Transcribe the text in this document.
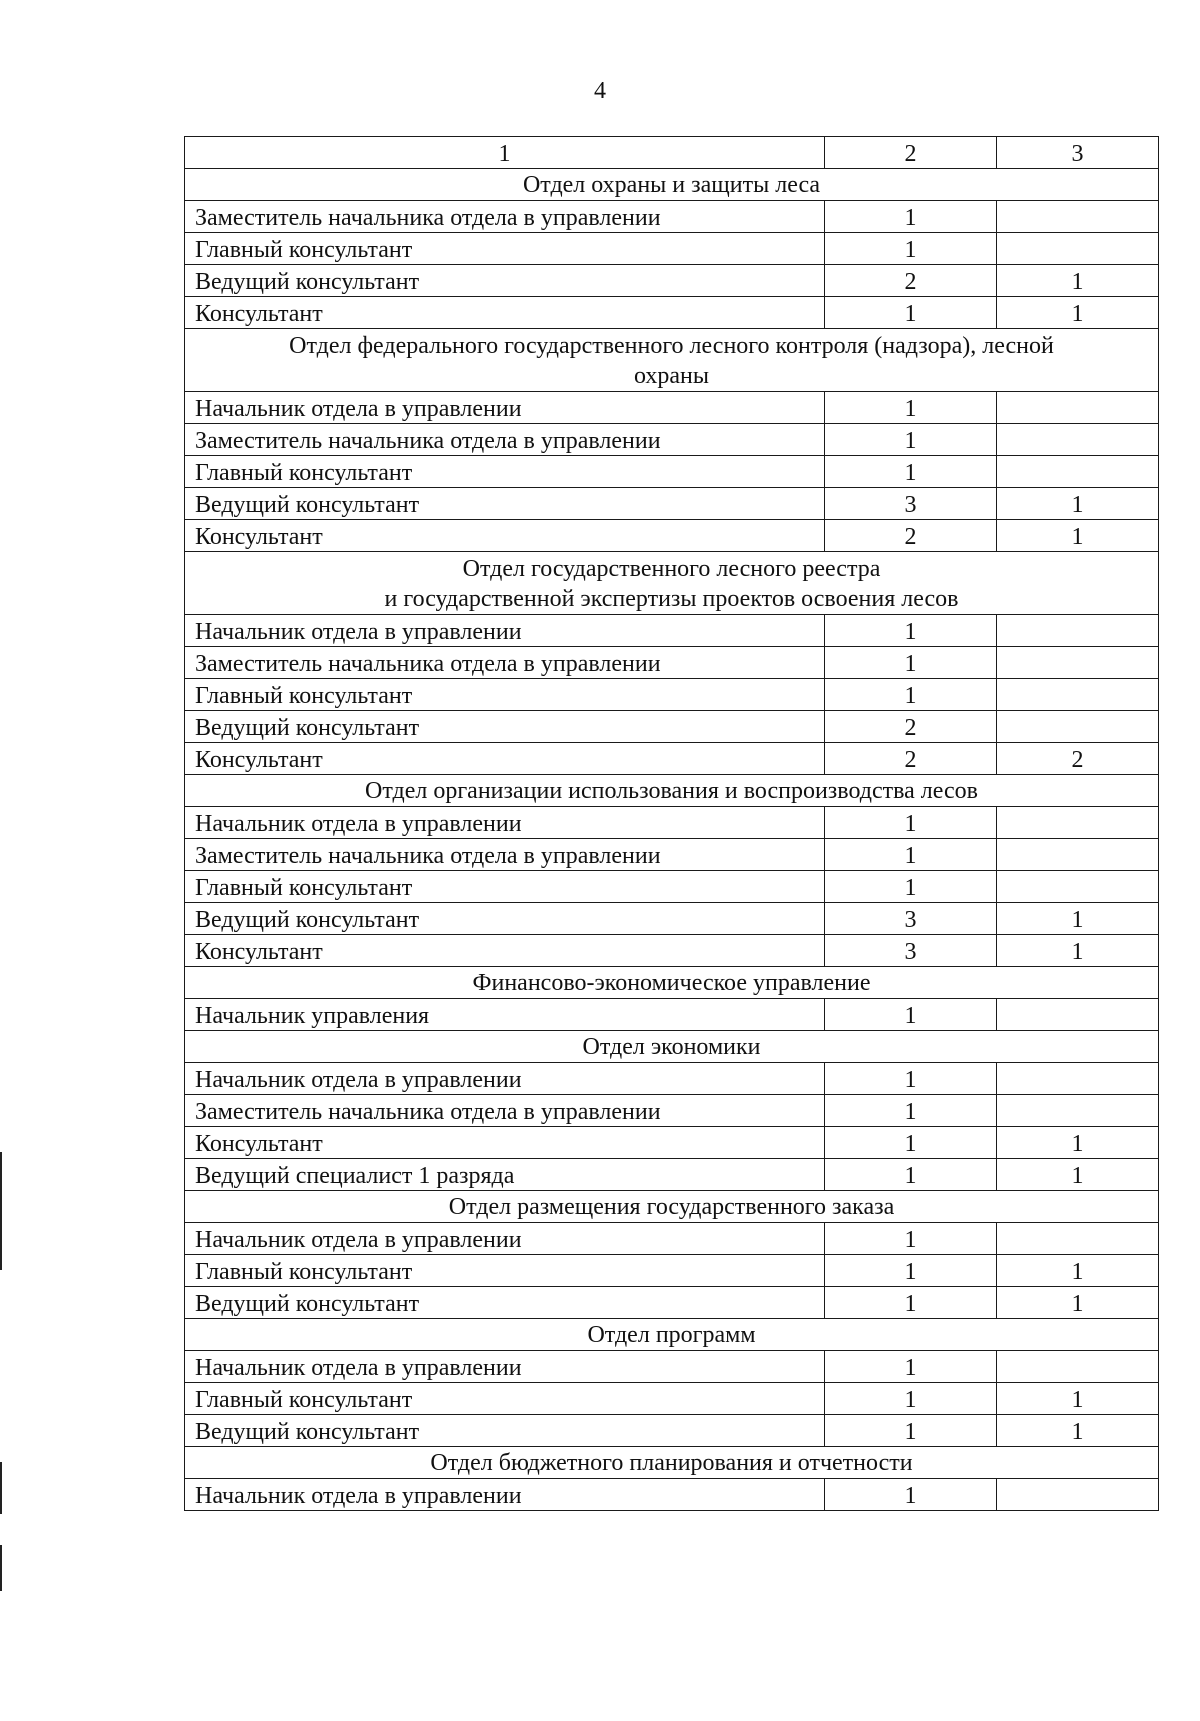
4
1	2	3

Отдел охраны и защиты леса		

Заместитель начальника отдела в управлении	1	
Главный консультант	1	
Ведущий консультант	2	1
Консультант	1	1

Отдел федерального государственного лесного контроля (надзора), лесной
охраны		

Начальник отдела в управлении	1	
Заместитель начальника отдела в управлении	1	
Главный консультант	1	
Ведущий консультант	3	1
Консультант	2	1

Отдел государственного лесного реестра
и государственной экспертизы проектов освоения лесов		

Начальник отдела в управлении	1	
Заместитель начальника отдела в управлении	1	
Главный консультант	1	
Ведущий консультант	2	
Консультант	2	2

Отдел организации использования и воспроизводства лесов		

Начальник отдела в управлении	1	
Заместитель начальника отдела в управлении	1	
Главный консультант	1	
Ведущий консультант	3	1
Консультант	3	1

Финансово-экономическое управление		

Начальник управления	1	

Отдел экономики		

Начальник отдела в управлении	1	
Заместитель начальника отдела в управлении	1	
Консультант	1	1
Ведущий специалист 1 разряда	1	1

Отдел размещения государственного заказа		

Начальник отдела в управлении	1	
Главный консультант	1	1
Ведущий консультант	1	1

Отдел программ		

Начальник отдела в управлении	1	
Главный консультант	1	1
Ведущий консультант	1	1

Отдел бюджетного планирования и отчетности		

Начальник отдела в управлении	1	
